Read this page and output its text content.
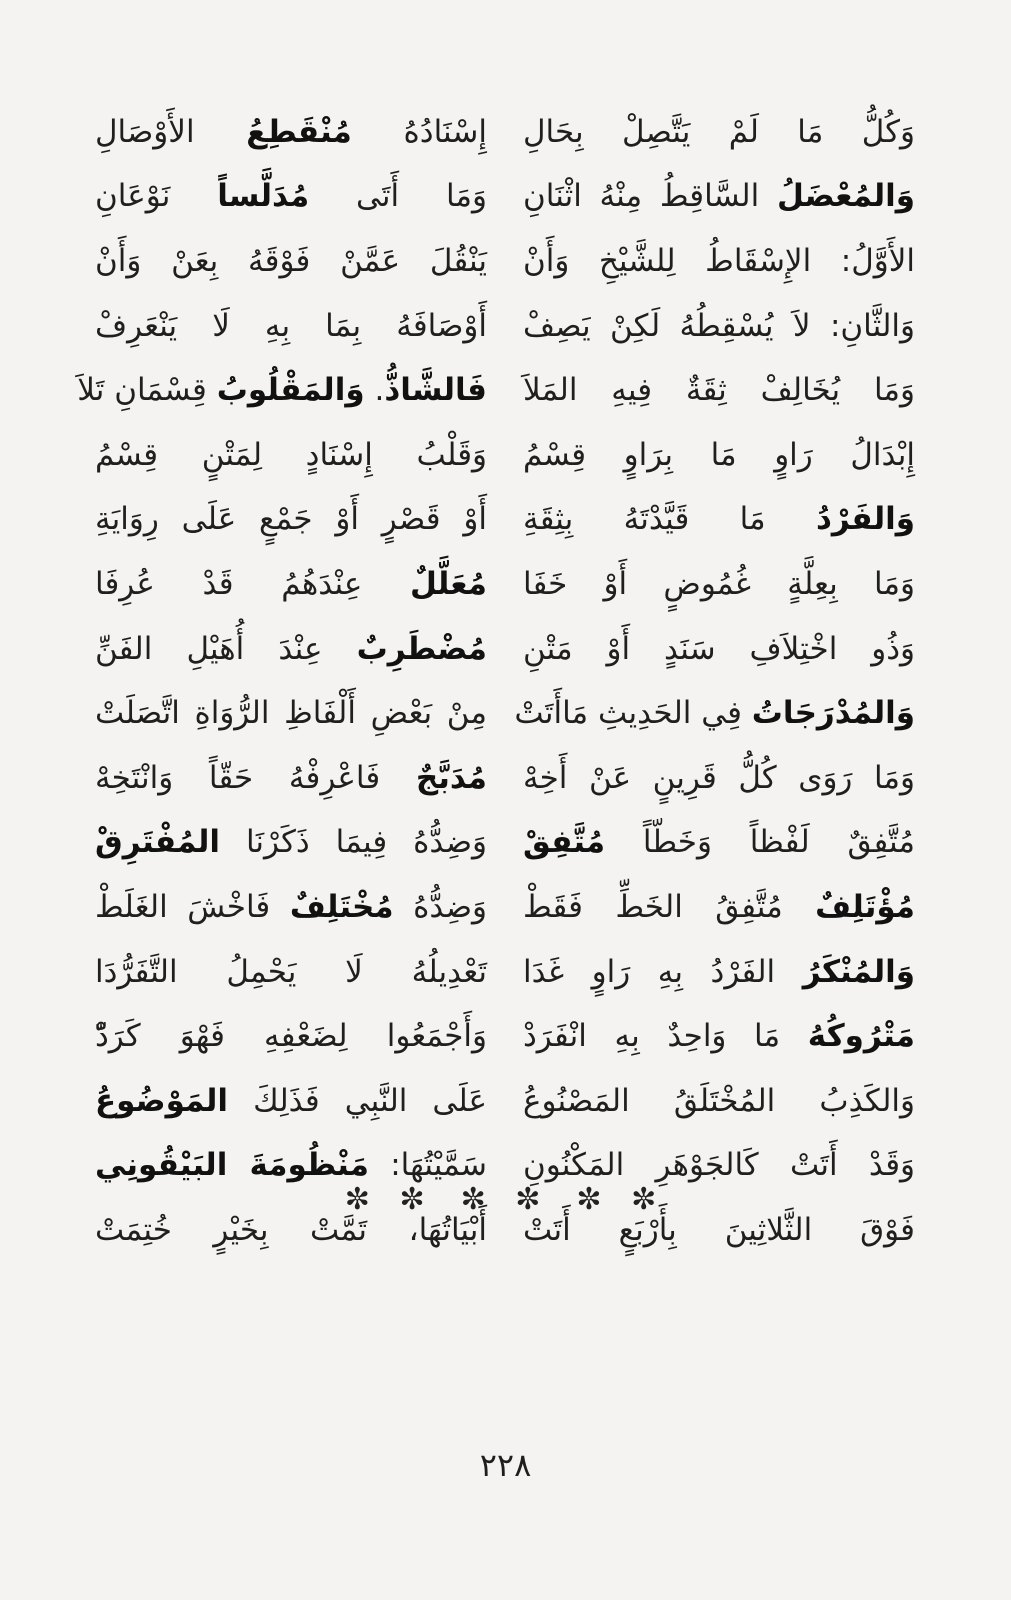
وَكُلُّ مَا لَمْ يَتَّصِلْ بِحَالِ
إِسْنَادُهُ مُنْقَطِعُ الأَوْصَالِ
وَالمُعْضَلُ السَّاقِطُ مِنْهُ اثْنَانِ
وَمَا أَتَى مُدَلَّساً نَوْعَانِ
الأَوَّلُ: الإِسْقَاطُ لِلشَّيْخِ وَأَنْ
يَنْقُلَ عَمَّنْ فَوْقَهُ بِعَنْ وَأَنْ
وَالثَّانِ: لاَ يُسْقِطُهُ لَكِنْ يَصِفْ
أَوْصَافَهُ بِمَا بِهِ لَا يَنْعَرِفْ
وَمَا يُخَالِفْ ثِقَةٌ فِيهِ المَلاَ
فَالشَّاذُّ. وَالمَقْلُوبُ قِسْمَانِ تَلاَ
إِبْدَالُ رَاوٍ مَا بِرَاوٍ قِسْمُ
وَقَلْبُ إِسْنَادٍ لِمَتْنٍ قِسْمُ
وَالفَرْدُ مَا قَيَّدْتَهُ بِثِقَةِ
أَوْ قَصْرٍ أَوْ جَمْعٍ عَلَى رِوَايَةِ
وَمَا بِعِلَّةٍ غُمُوضٍ أَوْ خَفَا
مُعَلَّلٌ عِنْدَهُمُ قَدْ عُرِفَا
وَذُو اخْتِلاَفِ سَنَدٍ أَوْ مَتْنِ
مُضْطَرِبٌ عِنْدَ أُهَيْلِ الفَنِّ
وَالمُدْرَجَاتُ فِي الحَدِيثِ مَاأَتَتْ
مِنْ بَعْضِ أَلْفَاظِ الرُّوَاةِ اتَّصَلَتْ
وَمَا رَوَى كُلُّ قَرِينٍ عَنْ أَخِهْ
مُدَبَّجٌ فَاعْرِفْهُ حَقّاً وَانْتَخِهْ
مُتَّفِقٌ لَفْظاً وَخَطّاً مُتَّفِقْ
وَضِدُّهُ فِيمَا ذَكَرْنَا المُفْتَرِقْ
مُؤْتَلِفٌ مُتَّفِقُ الخَطِّ فَقَطْ
وَضِدُّهُ مُخْتَلِفٌ فَاخْشَ الغَلَطْ
وَالمُنْكَرُ الفَرْدُ بِهِ رَاوٍ غَدَا
تَعْدِيلُهُ لَا يَحْمِلُ التَّفَرُّدَا
مَتْرُوكُهُ مَا وَاحِدٌ بِهِ انْفَرَدْ
وَأَجْمَعُوا لِضَعْفِهِ فَهْوَ كَرَدّْ
وَالكَذِبُ المُخْتَلَقُ المَصْنُوعُ
عَلَى النَّبِي فَذَلِكَ المَوْضُوعُ
وَقَدْ أَتَتْ كَالجَوْهَرِ المَكْنُونِ
سَمَّيْتُهَا: مَنْظُومَةَ البَيْقُونِي
فَوْقَ الثَّلاثِينَ بِأَرْبَعٍ أَتَتْ
أَبْيَاتُهَا، تَمَّتْ بِخَيْرٍ خُتِمَتْ
✼ ✼ ✼ ✼ ✼ ✼
٢٢٨
